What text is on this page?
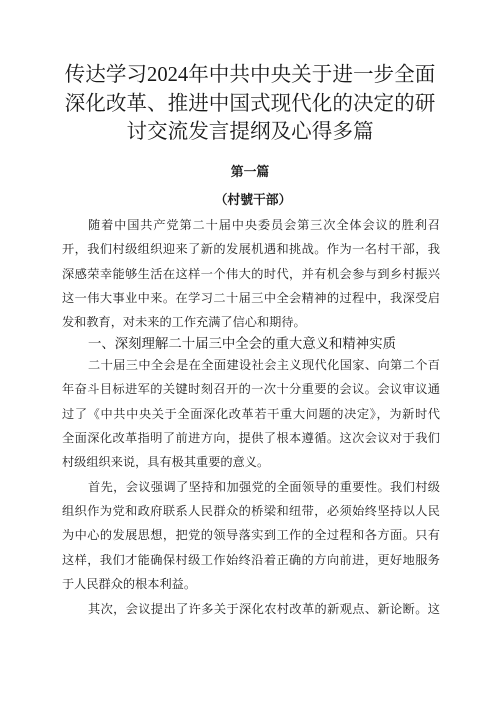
传达学习2024年中共中央关于进一步全面
深化改革、推进中国式现代化的决定的研
讨交流发言提纲及心得多篇
第一篇
（村號干部）
随着中国共产党第二十届中央委员会第三次全体会议的胜利召
开，我们村级组织迎来了新的发展机遇和挑战。作为一名村干部，我
深感荣幸能够生活在这样一个伟大的时代，并有机会参与到乡村振兴
这一伟大事业中来。在学习二十届三中全会精神的过程中，我深受启
发和教育，对未来的工作充满了信心和期待。
一、深刻理解二十届三中全会的重大意义和精神实质
二十届三中全会是在全面建设社会主义现代化国家、向第二个百
年奋斗目标进军的关键时刻召开的一次十分重要的会议。会议审议通
过了《中共中央关于全面深化改革若干重大问题的决定》，为新时代
全面深化改革指明了前进方向，提供了根本遵循。这次会议对于我们
村级组织来说，具有极其重要的意义。
首先，会议强调了坚持和加强党的全面领导的重要性。我们村级
组织作为党和政府联系人民群众的桥梁和纽带，必须始终坚持以人民
为中心的发展思想，把党的领导落实到工作的全过程和各方面。只有
这样，我们才能确保村级工作始终沿着正确的方向前进，更好地服务
于人民群众的根本利益。
其次，会议提出了许多关于深化农村改革的新观点、新论断。这
